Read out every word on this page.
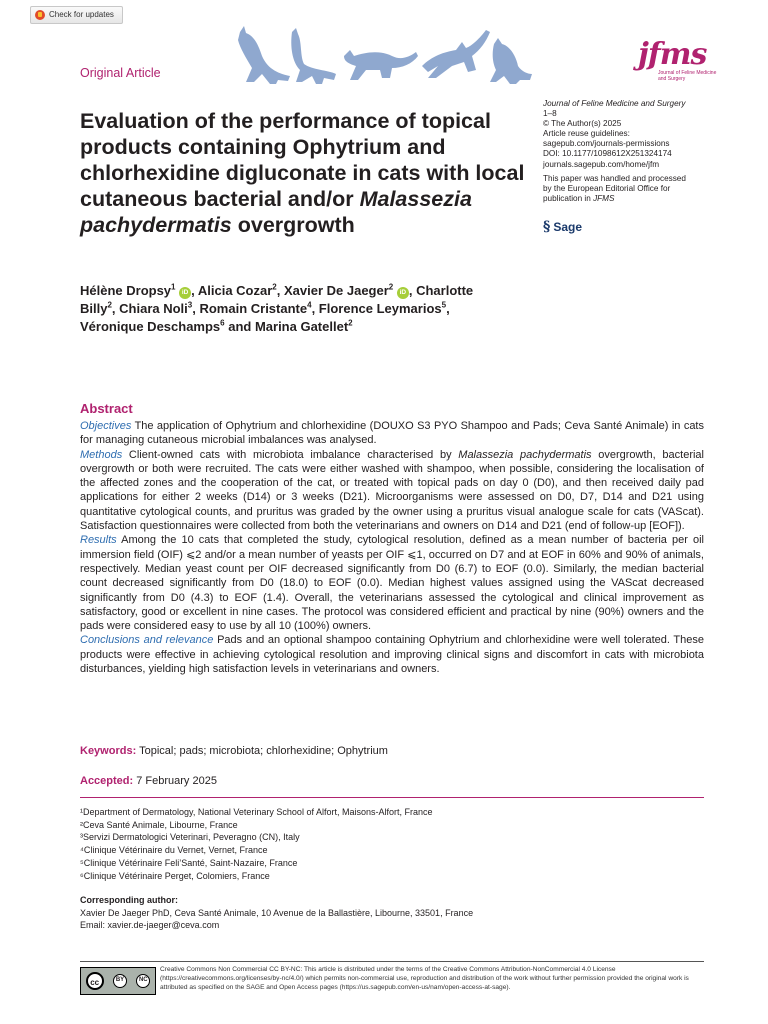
Check for updates
Original Article
jfms
Journal of Feline Medicine and Surgery
Journal of Feline Medicine and Surgery
1–8
© The Author(s) 2025
Article reuse guidelines:
sagepub.com/journals-permissions
DOI: 10.1177/1098612X251324174
journals.sagepub.com/home/jfm
This paper was handled and processed
by the European Editorial Office for
publication in JFMS
§ Sage
Evaluation of the performance of topical products containing Ophytrium and chlorhexidine digluconate in cats with local cutaneous bacterial and/or Malassezia pachydermatis overgrowth
Hélène Dropsy$^1$ iD , Alicia Cozar$^2$, Xavier De Jaeger$^2$ iD , Charlotte Billy$^2$, Chiara Noli$^3$, Romain Cristante$^4$, Florence Leymarios$^5$, Véronique Deschamps$^6$ and Marina Gatellet$^2$
Abstract

Objectives The application of Ophytrium and chlorhexidine (DOUXO S3 PYO Shampoo and Pads; Ceva Santé Animale) in cats for managing cutaneous microbial imbalances was analysed.

Methods Client-owned cats with microbiota imbalance characterised by Malassezia pachydermatis overgrowth, bacterial overgrowth or both were recruited. The cats were either washed with shampoo, when possible, considering the localisation of the affected zones and the cooperation of the cat, or treated with topical pads on day 0 (D0), and then received daily pad applications for either 2 weeks (D14) or 3 weeks (D21). Microorganisms were assessed on D0, D7, D14 and D21 using quantitative cytological counts, and pruritus was graded by the owner using a pruritus visual analogue scale for cats (VAScat). Satisfaction questionnaires were collected from both the veterinarians and owners on D14 and D21 (end of follow-up [EOF]).

Results Among the 10 cats that completed the study, cytological resolution, defined as a mean number of bacteria per oil immersion field (OIF) ⩽2 and/or a mean number of yeasts per OIF ⩽1, occurred on D7 and at EOF in 60% and 90% of animals, respectively. Median yeast count per OIF decreased significantly from D0 (6.7) to EOF (0.0). Similarly, the median bacterial count decreased significantly from D0 (18.0) to EOF (0.0). Median highest values assigned using the VAScat decreased significantly from D0 (4.3) to EOF (1.4). Overall, the veterinarians assessed the cytological and clinical improvement as satisfactory, good or excellent in nine cases. The protocol was considered efficient and practical by nine (90%) owners and the pads were considered easy to use by all 10 (100%) owners.

Conclusions and relevance Pads and an optional shampoo containing Ophytrium and chlorhexidine were well tolerated. These products were effective in achieving cytological resolution and improving clinical signs and discomfort in cats with microbiota disturbances, yielding high satisfaction levels in veterinarians and owners.

Keywords: Topical; pads; microbiota; chlorhexidine; Ophytrium
Accepted: 7 February 2025
¹Department of Dermatology, National Veterinary School of Alfort, Maisons-Alfort, France
²Ceva Santé Animale, Libourne, France
³Servizi Dermatologici Veterinari, Peveragno (CN), Italy
⁴Clinique Vétérinaire du Vernet, Vernet, France
⁵Clinique Vétérinaire Feli’Santé, Saint-Nazaire, France
⁶Clinique Vétérinaire Perget, Colomiers, France
Corresponding author:
Xavier De Jaeger PhD, Ceva Santé Animale, 10 Avenue de la Ballastière, Libourne, 33501, France
Email: xavier.de-jaeger@ceva.com
cc	BY	NC
Creative Commons Non Commercial CC BY-NC: This article is distributed under the terms of the Creative Commons Attribution-NonCommercial 4.0 License (https://creativecommons.org/licenses/by-nc/4.0/) which permits non-commercial use, reproduction and distribution of the work without further permission provided the original work is attributed as specified on the SAGE and Open Access pages (https://us.sagepub.com/en-us/nam/open-access-at-sage).
